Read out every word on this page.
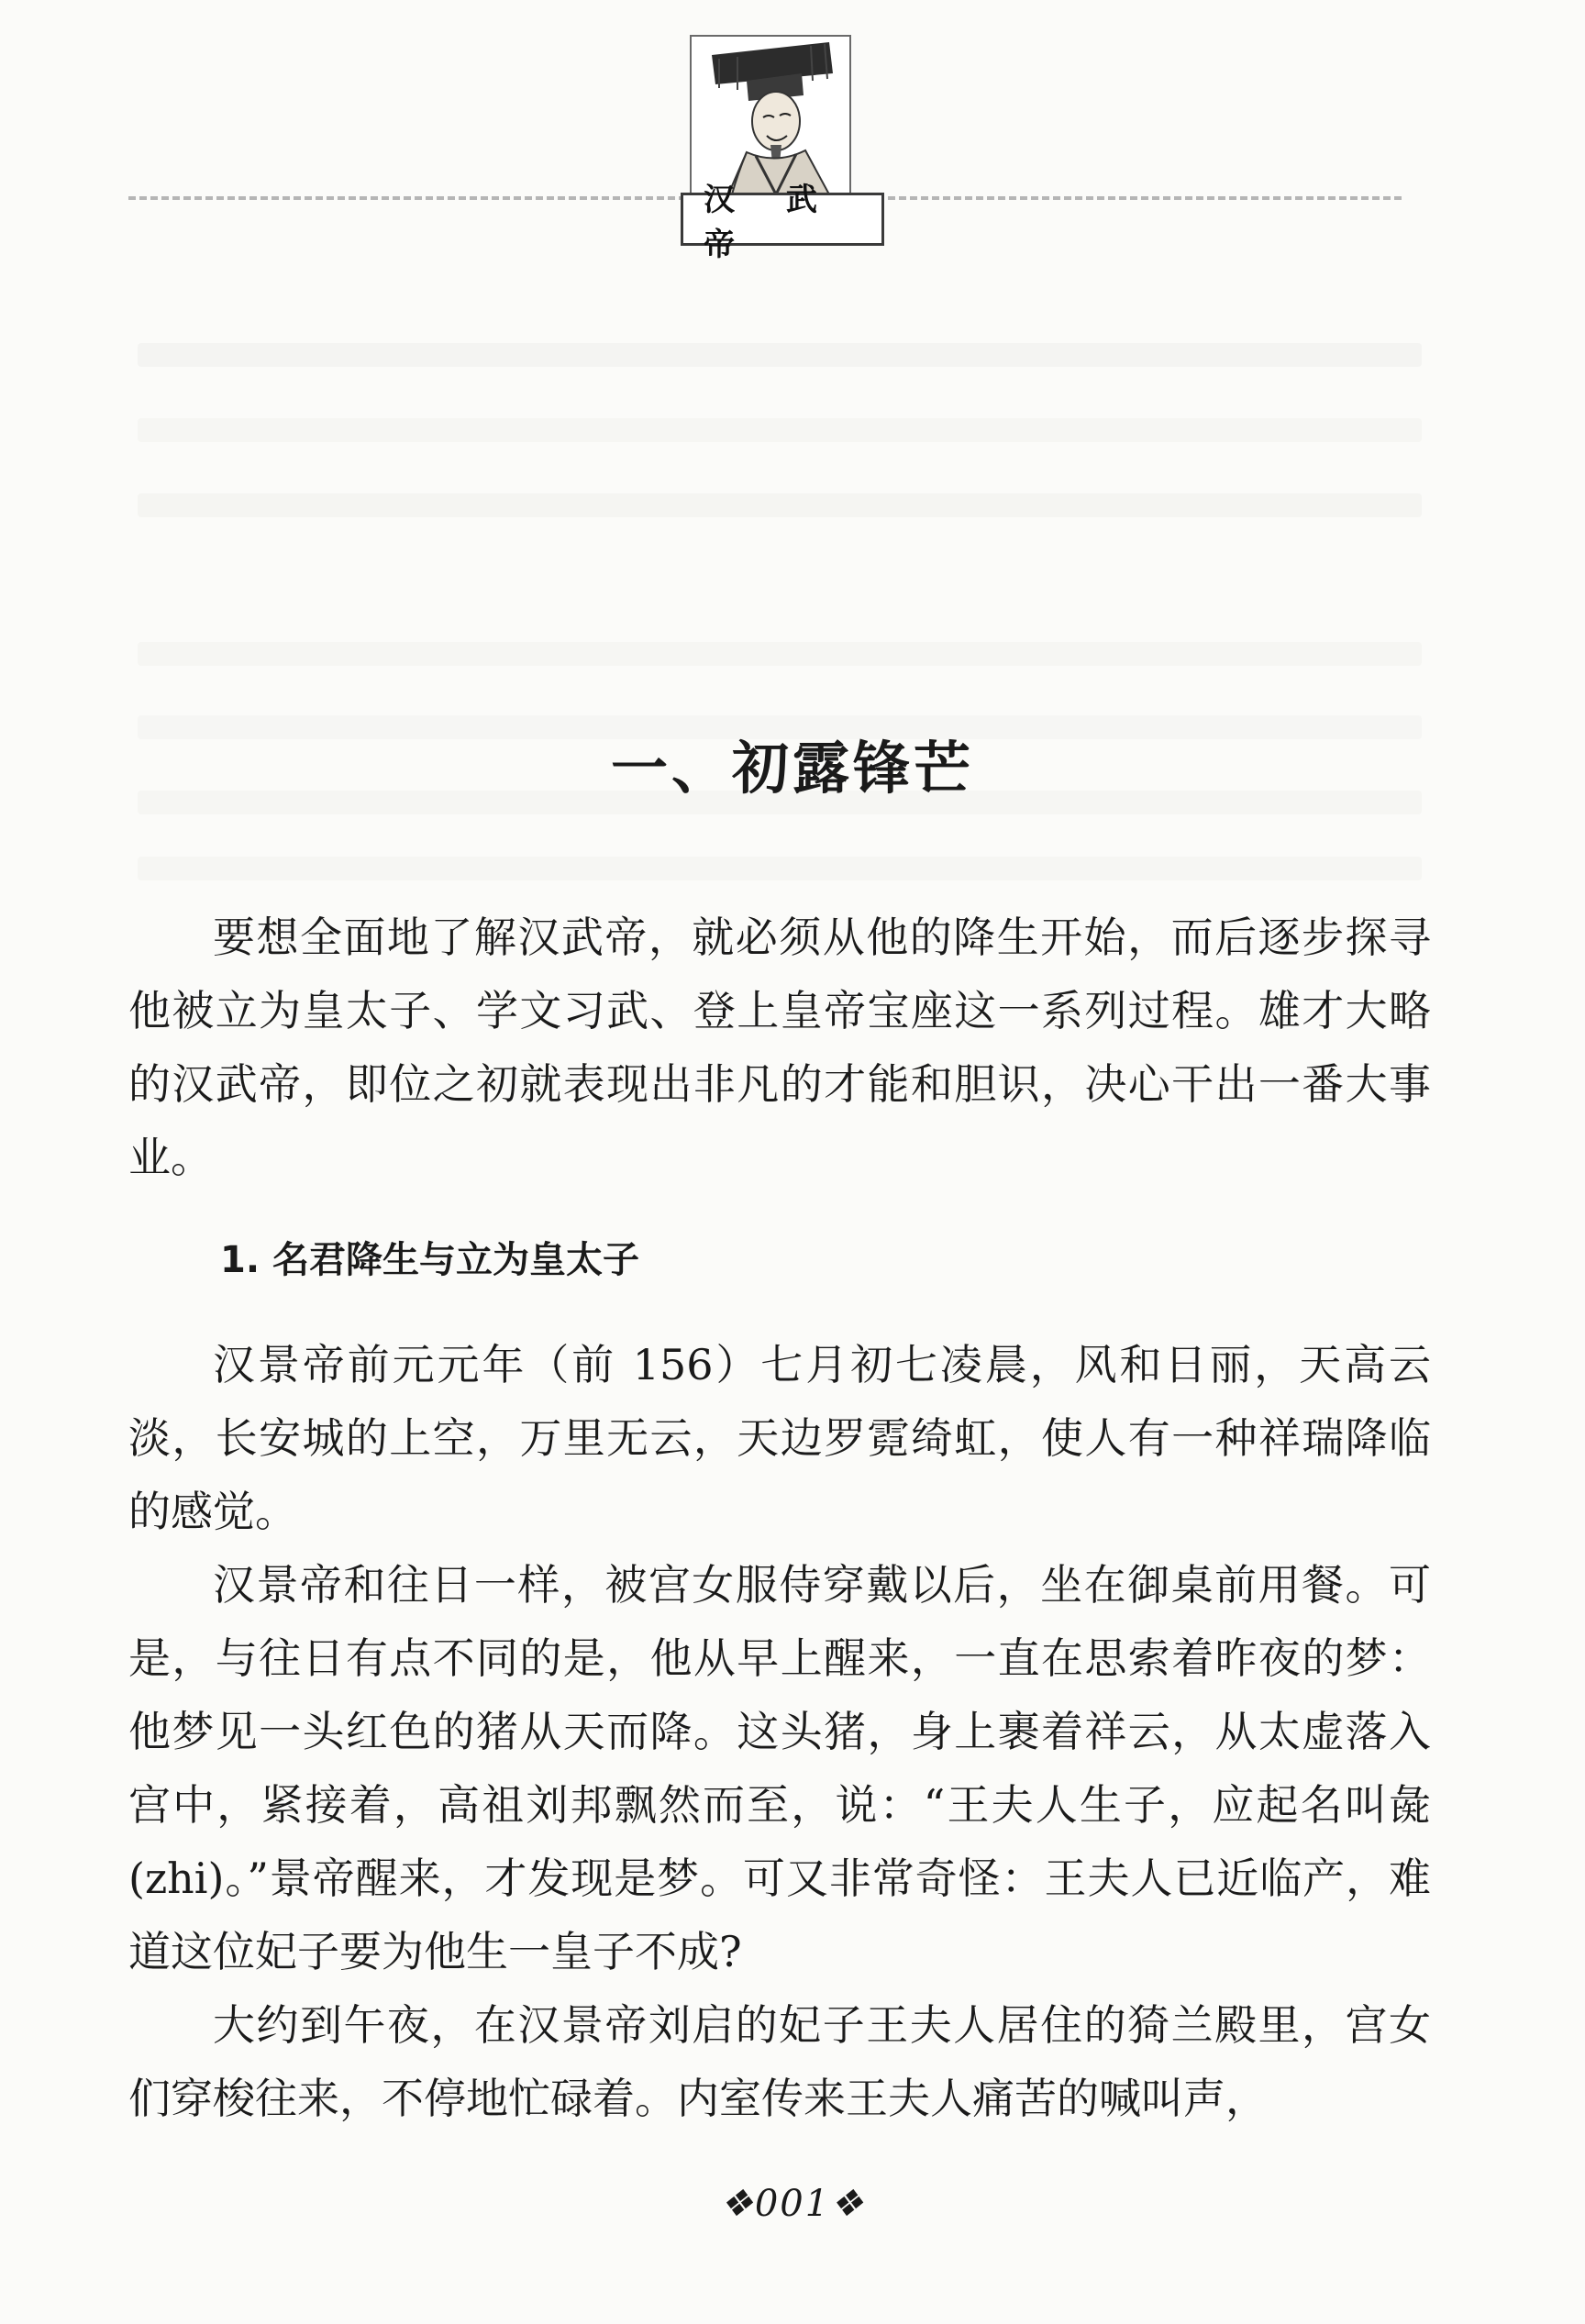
汉 武 帝
一、初露锋芒

要想全面地了解汉武帝，就必须从他的降生开始，而后逐步探寻他被立为皇太子、学文习武、登上皇帝宝座这一系列过程。雄才大略的汉武帝，即位之初就表现出非凡的才能和胆识，决心干出一番大事业。

1. 名君降生与立为皇太子

汉景帝前元元年（前 156）七月初七凌晨，风和日丽，天高云淡，长安城的上空，万里无云，天边罗霓绮虹，使人有一种祥瑞降临的感觉。

汉景帝和往日一样，被宫女服侍穿戴以后，坐在御桌前用餐。可是，与往日有点不同的是，他从早上醒来，一直在思索着昨夜的梦：他梦见一头红色的猪从天而降。这头猪，身上裹着祥云，从太虚落入宫中，紧接着，高祖刘邦飘然而至，说：“王夫人生子，应起名叫彘(zhi)。”景帝醒来，才发现是梦。可又非常奇怪：王夫人已近临产，难道这位妃子要为他生一皇子不成?

大约到午夜，在汉景帝刘启的妃子王夫人居住的猗兰殿里，宫女们穿梭往来，不停地忙碌着。内室传来王夫人痛苦的喊叫声，

❖001❖
